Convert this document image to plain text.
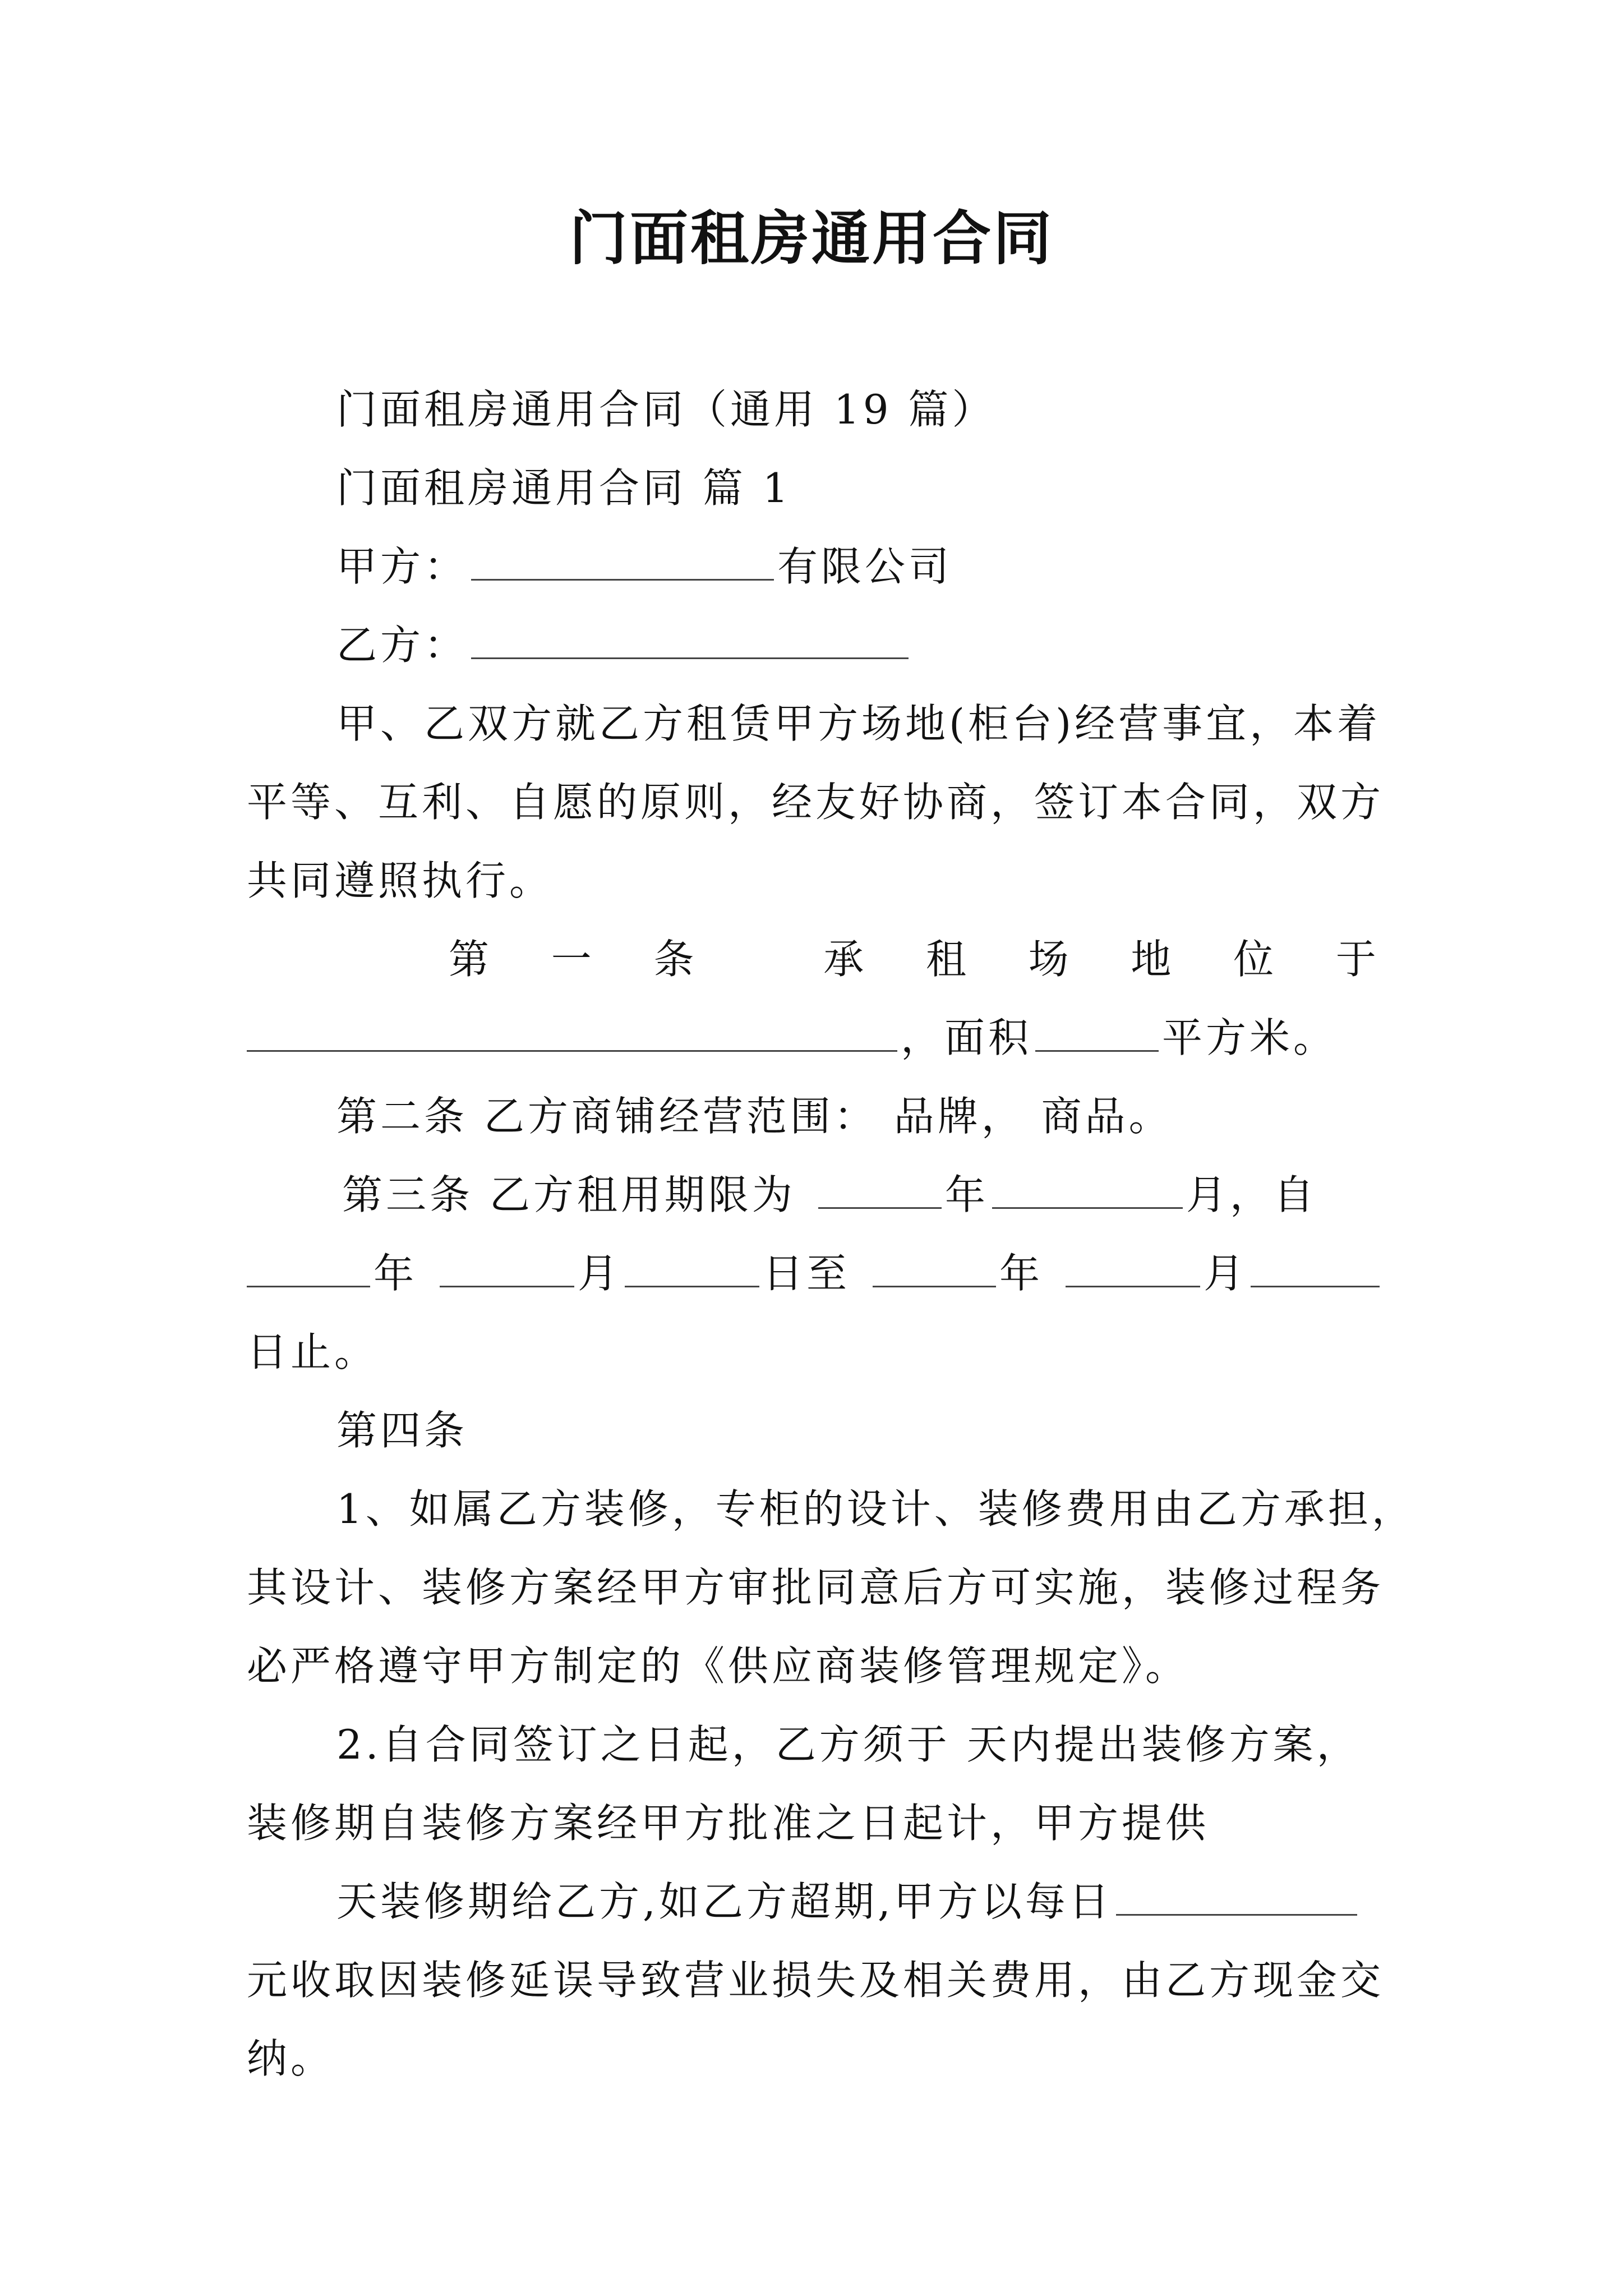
门面租房通用合同
门面租房通用合同（通用 19 篇）
门面租房通用合同 篇 1
甲方：	有限公司
乙方：
甲、乙双方就乙方租赁甲方场地(柜台)经营事宜，本着
平等、互利、自愿的原则，经友好协商，签订本合同，双方
共同遵照执行。
第 一 条	承 租 场 地 位 于
，面积	平方米。
第二条 乙方商铺经营范围： 品牌， 商品。
第三条 乙方租用期限为	年	月，自
年	月	日至	年	月
日止。
第四条
1、如属乙方装修，专柜的设计、装修费用由乙方承担，
其设计、装修方案经甲方审批同意后方可实施，装修过程务
必严格遵守甲方制定的《供应商装修管理规定》。
2.自合同签订之日起，乙方须于 天内提出装修方案，
装修期自装修方案经甲方批准之日起计，甲方提供
天装修期给乙方,如乙方超期,甲方以每日
元收取因装修延误导致营业损失及相关费用，由乙方现金交
纳。
